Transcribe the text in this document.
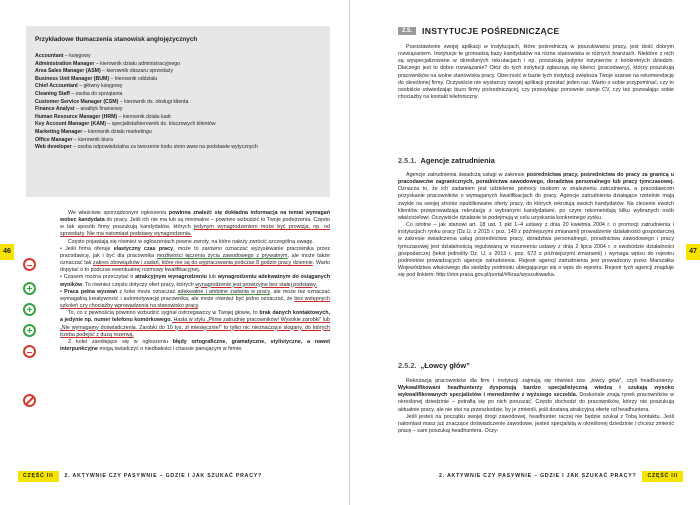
46
Przykładowe tłumaczenia stanowisk anglojęzycznych
Accountant – księgowy
Administration Manager – kierownik działu administracyjnego
Area Sales Manager (ASM) – kierownik obszaru sprzedaży
Business Unit Manager (BUM) – kierownik oddziału
Chief Accountant – główny księgowy
Cleaning Staff – osoba do sprzątania
Customer Service Manager (CSM) – kierownik ds. obsługi klienta
Finance Analyst – analityk finansowy
Human Resource Manager (HRM) – kierownik działu kadr
Key Account Manager (KAM) – specjalista/kierownik ds. kluczowych klientów
Marketing Manager – kierownik działu marketingu
Office Manager – kierownik biura
Web developer – osoba odpowiedzialna za tworzenie kodu stron www na podstawie wytycznych
–
+
+
+
–

We właściwie sporządzonym ogłoszeniu powinna znaleźć się dokładna informacja na temat wymagań wobec kandydata do pracy. Jeśli ich nie ma lub są minimalne – powinno wzbudzić to Twoje podejrzenia. Często w tak sposób firmy poszukują kandydatów, których jedynym wynagrodzeniem może być prowizja, np. od sprzedaży. Nie ma natomiast podstawy wynagrodzenia.

Często pojawiają się również w ogłoszeniach pewne zwroty, na które należy zwrócić szczególną uwagę.

• Jeśli firma oferuje elastyczny czas pracy, może to zarówno oznaczać wyzyskiwanie pracownika przez pracodawcę, jak i być dla pracownika możliwości łączenia życia zawodowego z prywatnym, ale może także oznaczać tak zakres obowiązków i zadań, które nie są do wypracowania podczas 8 godzin pracy dziennie. Warto dopytać o to podczas ewentualnej rozmowy kwalifikacyjnej.

• Czasem można przeczytać o atrakcyjnym wynagrodzeniu lub wynagrodzeniu adekwatnym do osiąganych wyników. To również często dotyczy ofert pracy, których wynagrodzenie jest prowizyjne bez stałej podstawy.

• Praca pełna wyzwań z kolei może oznaczać adekwatne i ambitne zadania w pracy, ale może też oznaczać wymagalną kreatywność i automotywację pracownika, ale może również być jedno oznaczać, że bez wstępnych szkoleń czy chociażby wprowadzenia na stanowisko pracy.

To, co z pewnością powinno wzbudzić sygnał ostrzegawczy w Twojej głowie, to brak danych kontaktowych, a jedynie np. numer telefonu komórkowego. Hasła w stylu „Pilnie zatrudnię pracowników! Wysokie zarobki” lub „Nie wymagamy doświadczenia. Zarobki do 10 tys. zł miesięcznie!” to tylko nic nieznaczące slogany, do których trzeba podejść z dużą rezerwą.

Z kolei zaroiłejące się w ogłoszeniu błędy ortograficzne, gramatyczne, stylistyczne, a nawet interpunkcyjne mogą świadczyć o niedbałości i chaosie panującym w firmie.

CZĘŚĆ III 2. AKTYWNIE CZY PASYWNIE – GDZIE I JAK SZUKAĆ PRACY?
47
2.5.	INSTYTUCJE POŚREDNICZĄCE

Pozostawienie swojej aplikacji w instytucjach, które pośredniczą w poszukiwaniu pracy, jest dość dobrym rozwiązaniem. Instytucje te gromadzą bazy kandydatów na różne stanowiska w różnych branżach. Niektóre z nich są wyspecjalizowane w określonych rekrutacjach i np. poszukują jedynie inżynierów z konkretnych dziedzin. Dlaczego jest to dobre rozwiązanie? Otóż do tych instytucji zgłaszają się klienci (pracodawcy), którzy poszukują pracowników na wolne stanowiska pracy. Obecność w bazie tych instytucji zwiększa Twoje szanse na rekomendację do określonej firmy. Oczywiście nie wystarczy swojej aplikacji przesłać jeden raz. Warto o sobie przypominać, czy to osobiście odwiedzając biuro firmy pośredniczącej, czy przesyłając ponownie swoje CV, czy też pozwalając sobie chociażby na kontakt telefoniczny.

2.5.1. Agencje zatrudnienia

Agencje zatrudnienia świadczą usługi w zakresie pośrednictwa pracy, pośrednictwa do pracy za granicą u pracodawców zagranicznych, poradnictwa zawodowego, doradztwa personalnego lub pracy tymczasowej. Oznacza to, że ich zadaniem jest udzielenie pomocy osobom w znalezieniu zatrudnienia, a pracodawcom pozyskanie pracowników o wymaganych kwalifikacjach do pracy. Agencje zatrudnienia działające rzetelnie mają zwykle na swojej stronie opublikowane oferty pracy, do których rekrutują swoich kandydatów. Na zlecenie swoich klientów przeprowadzają rekrutację z wybranymi kandydatami, po czym rekomendują kilku wybranych osób właścicielowi. Oczywiście działanie te podejmują w celu uzyskania konkretnego zysku.

Co istotne – jak stanowi art. 18 ust. 1 pkt 1–4 ustawy z dnia 20 kwietnia 2004 r. o promocji zatrudnienia i instytucjach rynku pracy (Dz.U. z 2015 r. poz. 149 z późniejszymi zmianami) prowadzenie działalności gospodarczej w zakresie świadczenia usług pośrednictwa pracy, doradztwa personalnego, poradnictwa zawodowego i pracy tymczasowej jest działalnością regulowaną w rozumieniu ustawy z dnia 2 lipca 2004 r. o swobodzie działalności gospodarczej (tekst jednolity Dz. U. z 2013 r. poz. 672 z późniejszymi zmianami) i wymaga wpisu do rejestru podmiotów prowadzących agencje zatrudnienia. Rejestr agencji zatrudnienia jest prowadzony przez Marszałka Województwa właściwego dla siedziby podmiotu ubiegającego się o wpis do rejestru. Rejestr tych agencji znajduje się pod linkiem: http://stor.praca.gov.pl/portal/#/kraz/wyszukiwarka.

2.5.2. „Łowcy głów”

Rekrutacją pracowników dla firm i instytucji zajmują się również tzw. „łowcy głów”, czyli headhunterzy. Wykwalifikowani headhunterzy dysponują bardzo specjalistyczną wiedzą i szukają wysoko wykwalifikowanych specjalistów i menedżerów z wyższego szczebla. Doskonale znają rynek pracowników w określonej dziedzinie – potrafią się po nich poruszać. Często dochodzi do pracowników, którzy nie poszukują aktualnie pracy, ale nie stoi na przeszkodzie, by je zmienili, jeśli dostaną atrakcyjną ofertę od headhuntera.

Jeśli jesteś na początku swojej drogi zawodowej, headhunter raczej nie będzie szukał z Tobą kontaktu. Jeśli natomiast masz już znaczące doświadczenie zawodowe, jesteś specjalistą w określonej dziedzinie i chcesz zmienić pracę – sam poszukaj headhuntera. Oczy-

2. AKTYWNIE CZY PASYWNIE – GDZIE I JAK SZUKAĆ PRACY? CZĘŚĆ III
